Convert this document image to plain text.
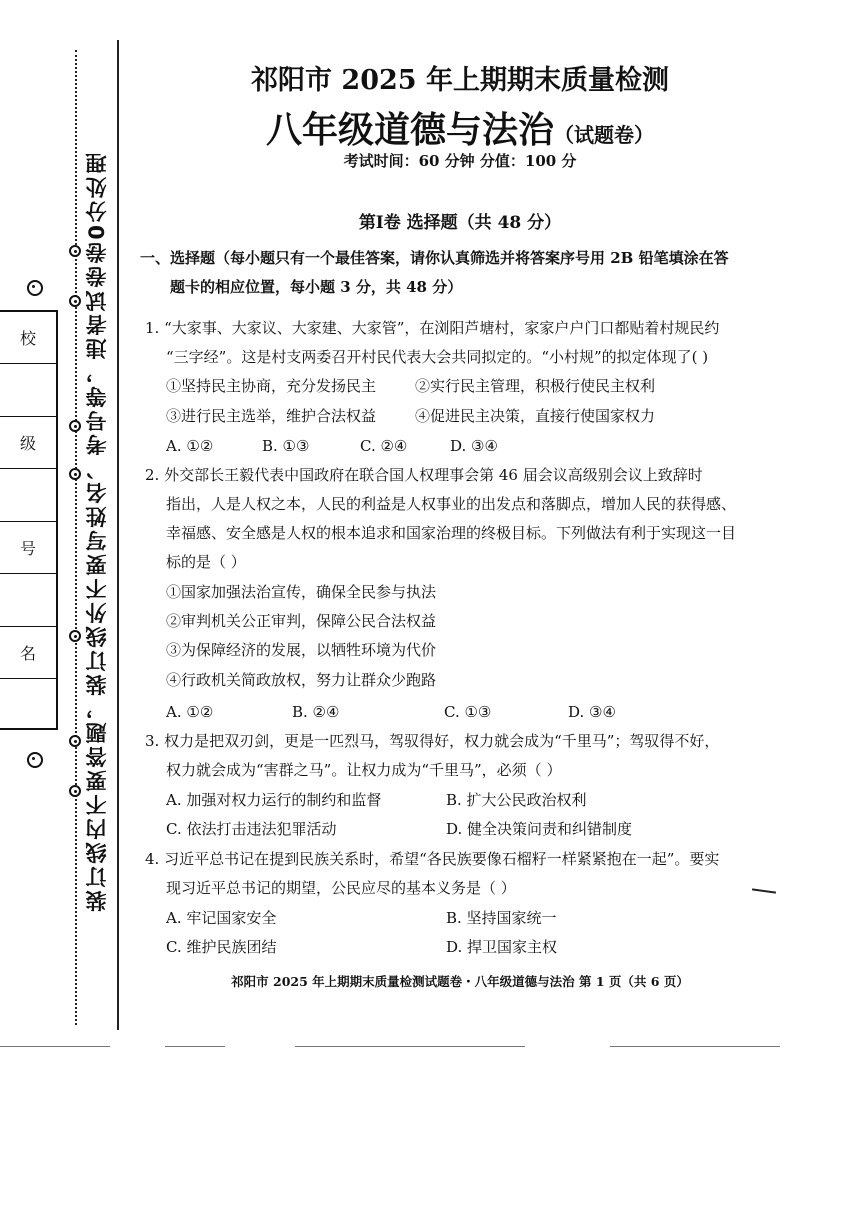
装订线内不要答题，装订线外不要写姓名、考号等，违者试卷卷0分处理
校
级
号
名
祁阳市 2025 年上期期末质量检测
八年级道德与法治（试题卷）
考试时间：60 分钟 分值：100 分
第Ⅰ卷 选择题（共 48 分）
一、选择题（每小题只有一个最佳答案，请你认真筛选并将答案序号用 2B 铅笔填涂在答
题卡的相应位置，每小题 3 分，共 48 分）
1. “大家事、大家议、大家建、大家管”，在浏阳芦塘村，家家户户门口都贴着村规民约
“三字经”。这是村支两委召开村民代表大会共同拟定的。“小村规”的拟定体现了( )
①坚持民主协商，充分发扬民主	②实行民主管理，积极行使民主权利
③进行民主选举，维护合法权益	④促进民主决策，直接行使国家权力
A. ①②	B. ①③	C. ②④	D. ③④
2. 外交部长王毅代表中国政府在联合国人权理事会第 46 届会议高级别会议上致辞时
指出，人是人权之本，人民的利益是人权事业的出发点和落脚点，增加人民的获得感、
幸福感、安全感是人权的根本追求和国家治理的终极目标。下列做法有利于实现这一目
标的是（ ）
①国家加强法治宣传，确保全民参与执法
②审判机关公正审判，保障公民合法权益
③为保障经济的发展，以牺牲环境为代价
④行政机关简政放权，努力让群众少跑路
A. ①②	B. ②④	C. ①③	D. ③④
3. 权力是把双刃剑，更是一匹烈马，驾驭得好，权力就会成为“千里马”；驾驭得不好，
权力就会成为“害群之马”。让权力成为“千里马”，必须（ ）
A. 加强对权力运行的制约和监督	B. 扩大公民政治权利
C. 依法打击违法犯罪活动	D. 健全决策问责和纠错制度
4. 习近平总书记在提到民族关系时，希望“各民族要像石榴籽一样紧紧抱在一起”。要实
现习近平总书记的期望，公民应尽的基本义务是（ ）
A. 牢记国家安全	B. 坚持国家统一
C. 维护民族团结	D. 捍卫国家主权
祁阳市 2025 年上期期末质量检测试题卷・八年级道德与法治 第 1 页（共 6 页）
